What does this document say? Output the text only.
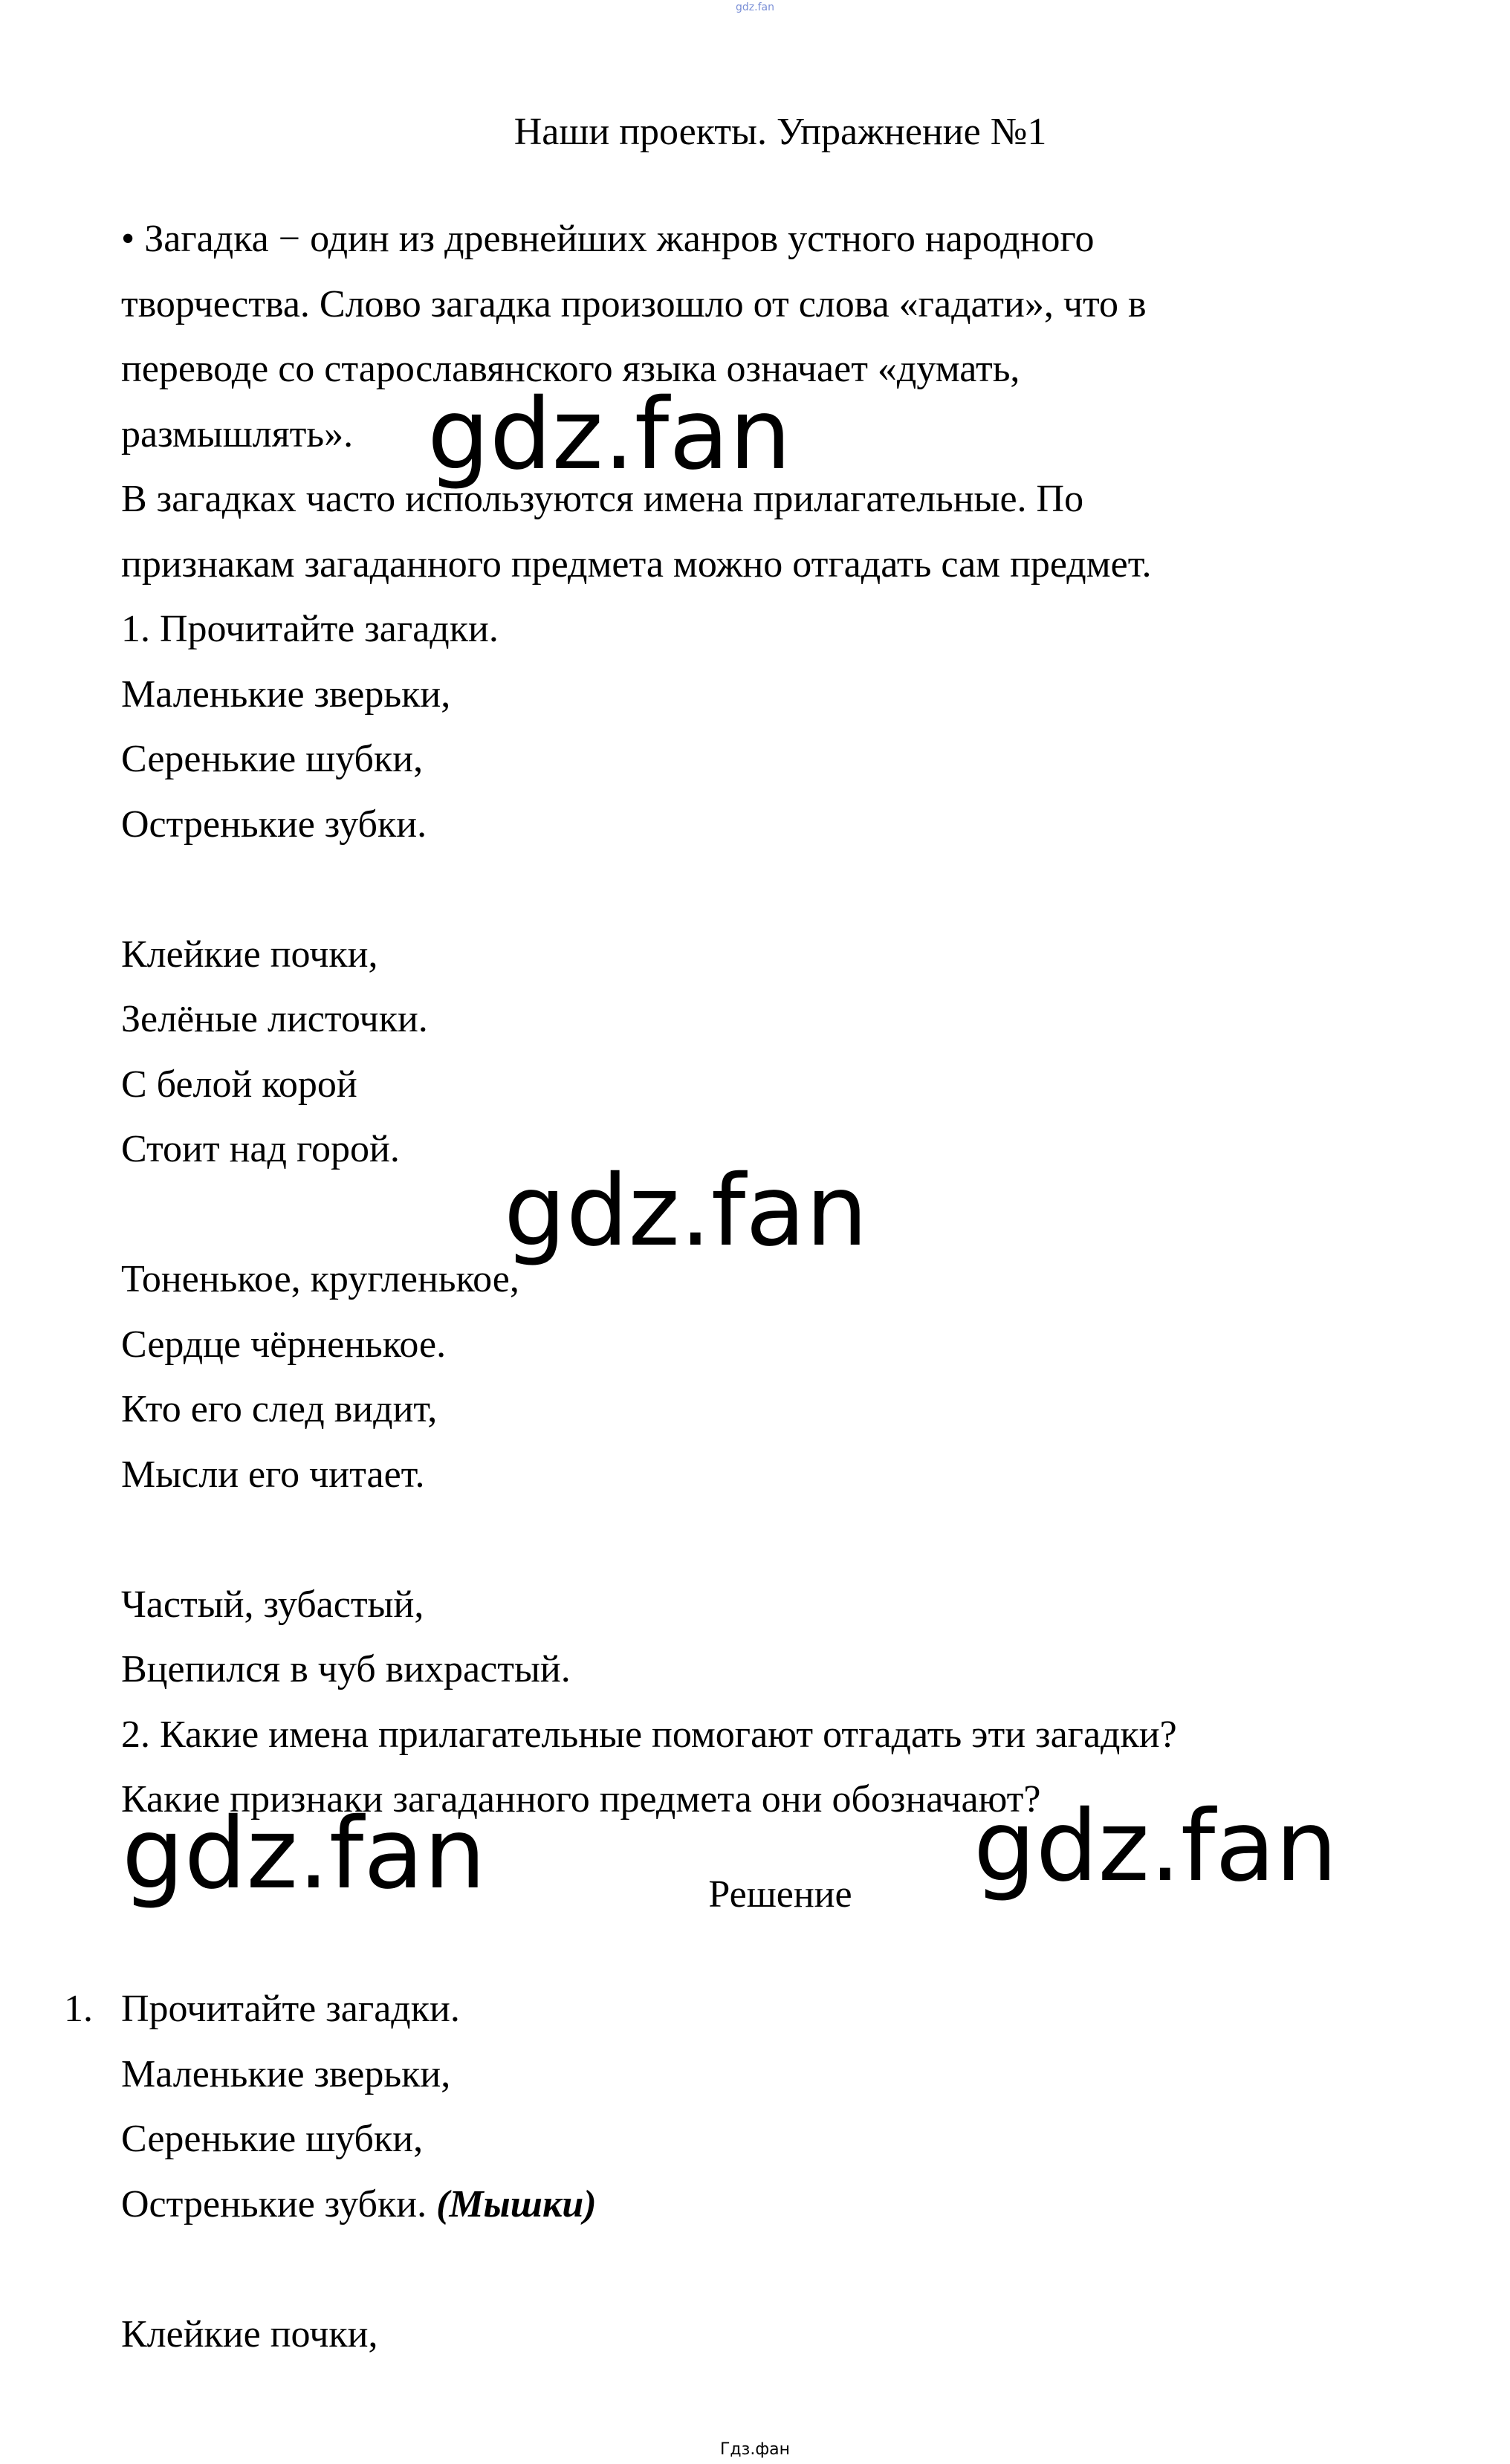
gdz.fan
Наши проекты. Упражнение №1
• Загадка − один из древнейших жанров устного народного
творчества. Слово загадка произошло от слова «гадати», что в
переводе со старославянского языка означает «думать,
размышлять».
В загадках часто используются имена прилагательные. По
признакам загаданного предмета можно отгадать сам предмет.
1. Прочитайте загадки.
Маленькие зверьки,
Серенькие шубки,
Остренькие зубки.
Клейкие почки,
Зелёные листочки.
С белой корой
Стоит над горой.
Тоненькое, кругленькое,
Сердце чёрненькое.
Кто его след видит,
Мысли его читает.
Частый, зубастый,
Вцепился в чуб вихрастый.
2. Какие имена прилагательные помогают отгадать эти загадки?
Какие признаки загаданного предмета они обозначают?
Решение
1. Прочитайте загадки.
Маленькие зверьки,
Серенькие шубки,
Остренькие зубки. (Мышки)
Клейкие почки,
gdz.fan
gdz.fan
gdz.fan	gdz.fan
Гдз.фан
